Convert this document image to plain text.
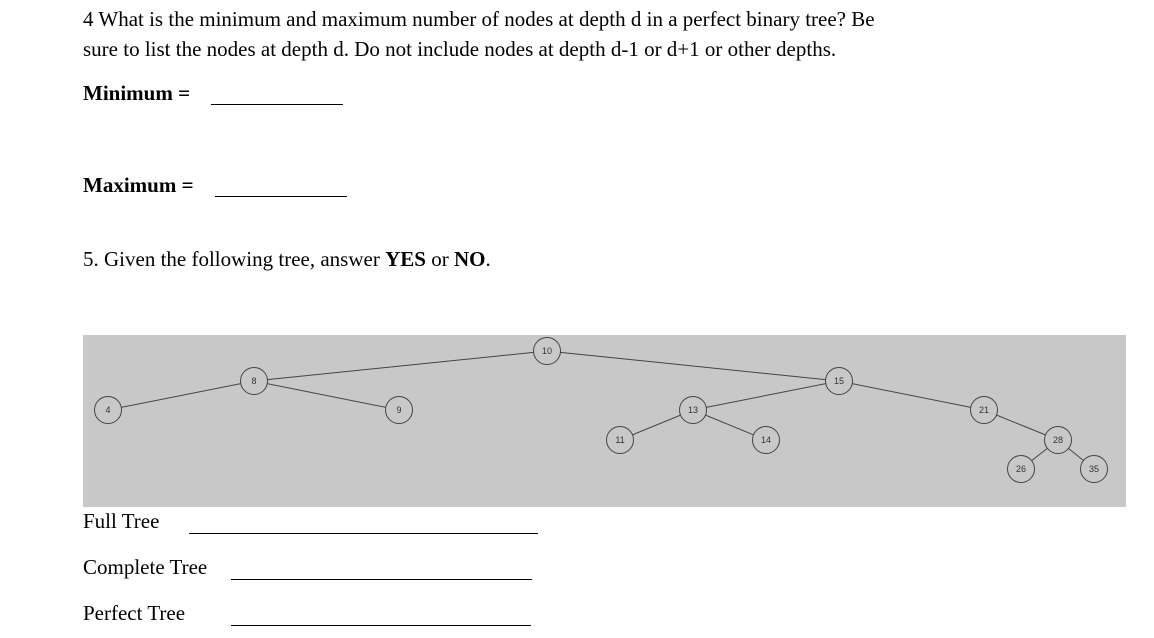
4 What is the minimum and maximum number of nodes at depth d in a perfect binary tree? Be
sure to list the nodes at depth d. Do not include nodes at depth d-1 or d+1 or other depths.
Minimum =
Maximum =
5. Given the following tree, answer YES or NO.
10
8	15
4	9	13	21
11	14	28
26	35
Full Tree
Complete Tree
Perfect Tree
